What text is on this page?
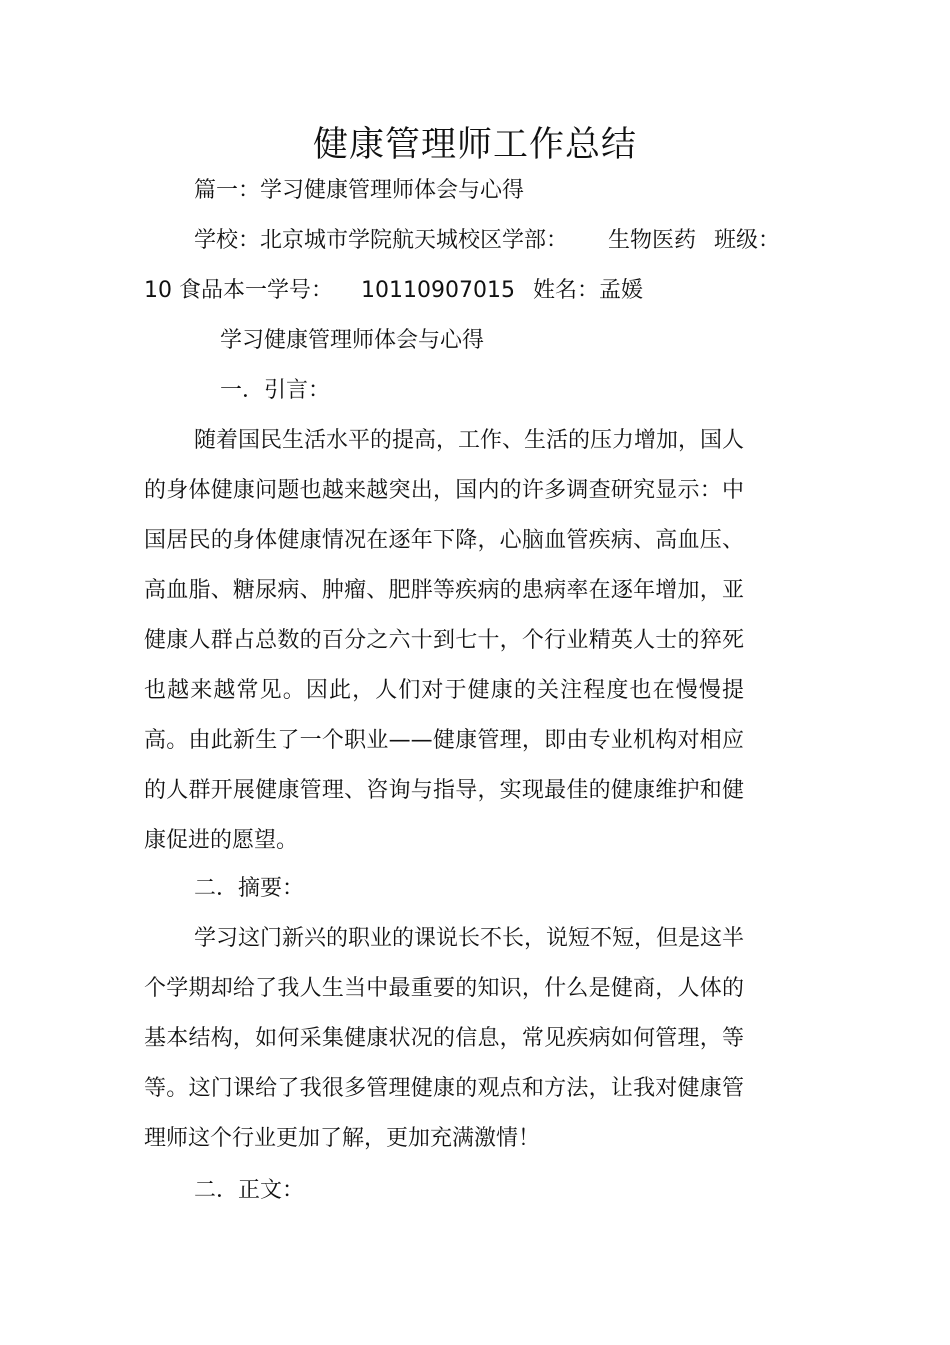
健康管理师工作总结
篇一：学习健康管理师体会与心得
学校：北京城市学院航天城校区学部： 生物医药 班级：
10 食品本一学号： 10110907015 姓名：孟媛
学习健康管理师体会与心得
一．引言：
随着国民生活水平的提高，工作、生活的压力增加，国人的身体健康问题也越来越突出，国内的许多调查研究显示：中国居民的身体健康情况在逐年下降，心脑血管疾病、高血压、高血脂、糖尿病、肿瘤、肥胖等疾病的患病率在逐年增加，亚健康人群占总数的百分之六十到七十，个行业精英人士的猝死也越来越常见。因此，人们对于健康的关注程度也在慢慢提高。由此新生了一个职业——健康管理，即由专业机构对相应的人群开展健康管理、咨询与指导，实现最佳的健康维护和健康促进的愿望。
二．摘要：
学习这门新兴的职业的课说长不长，说短不短，但是这半个学期却给了我人生当中最重要的知识，什么是健商，人体的基本结构，如何采集健康状况的信息，常见疾病如何管理，等等。这门课给了我很多管理健康的观点和方法，让我对健康管理师这个行业更加了解，更加充满激情！
二．正文：
